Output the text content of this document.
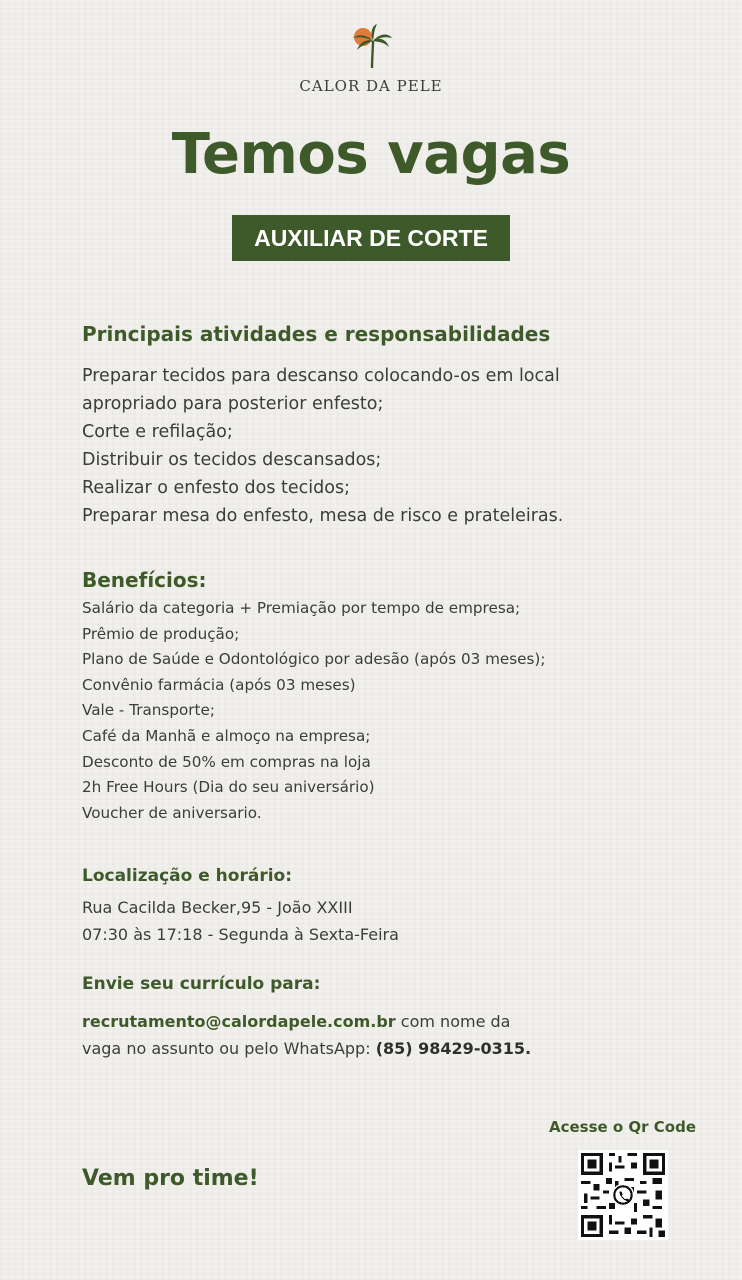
CALOR DA PELE
Temos vagas
AUXILIAR DE CORTE
Principais atividades e responsabilidades
Preparar tecidos para descanso colocando-os em local
apropriado para posterior enfesto;
Corte e refilação;
Distribuir os tecidos descansados;
Realizar o enfesto dos tecidos;
Preparar mesa do enfesto, mesa de risco e prateleiras.
Benefícios:
Salário da categoria + Premiação por tempo de empresa;
Prêmio de produção;
Plano de Saúde e Odontológico por adesão (após 03 meses);
Convênio farmácia (após 03 meses)
Vale - Transporte;
Café da Manhã e almoço na empresa;
Desconto de 50% em compras na loja
2h Free Hours (Dia do seu aniversário)
Voucher de aniversario.
Localização e horário:
Rua Cacilda Becker,95 - João XXIII
07:30 às 17:18 - Segunda à Sexta-Feira
Envie seu currículo para:
recrutamento@calordapele.com.br com nome da
vaga no assunto ou pelo WhatsApp: (85) 98429-0315.
Acesse o Qr Code
Vem pro time!
